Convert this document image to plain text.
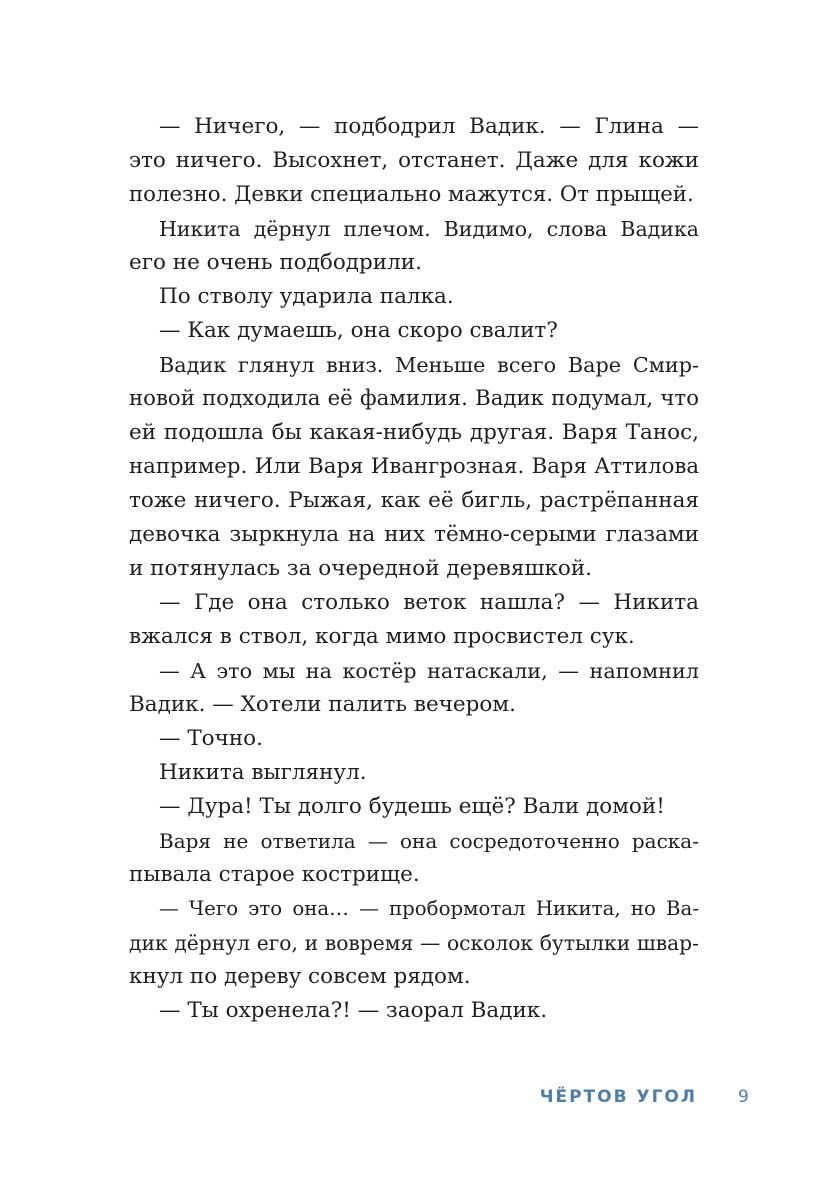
— Ничего, — подбодрил Вадик. — Глина —
это ничего. Высохнет, отстанет. Даже для кожи
полезно. Девки специально мажутся. От прыщей.
Никита дёрнул плечом. Видимо, слова Вадика
его не очень подбодрили.
По стволу ударила палка.
— Как думаешь, она скоро свалит?
Вадик глянул вниз. Меньше всего Варе Смир-
новой подходила её фамилия. Вадик подумал, что
ей подошла бы какая-нибудь другая. Варя Танос,
например. Или Варя Ивангрозная. Варя Аттилова
тоже ничего. Рыжая, как её бигль, растрёпанная
девочка зыркнула на них тёмно-серыми глазами
и потянулась за очередной деревяшкой.
— Где она столько веток нашла? — Никита
вжался в ствол, когда мимо просвистел сук.
— А это мы на костёр натаскали, — напомнил
Вадик. — Хотели палить вечером.
— Точно.
Никита выглянул.
— Дура! Ты долго будешь ещё? Вали домой!
Варя не ответила — она сосредоточенно раска-
пывала старое кострище.
— Чего это она… — пробормотал Никита, но Ва-
дик дёрнул его, и вовремя — осколок бутылки швар-
кнул по дереву совсем рядом.
— Ты охренела?! — заорал Вадик.
ЧЁРТОВ УГОЛ 9
